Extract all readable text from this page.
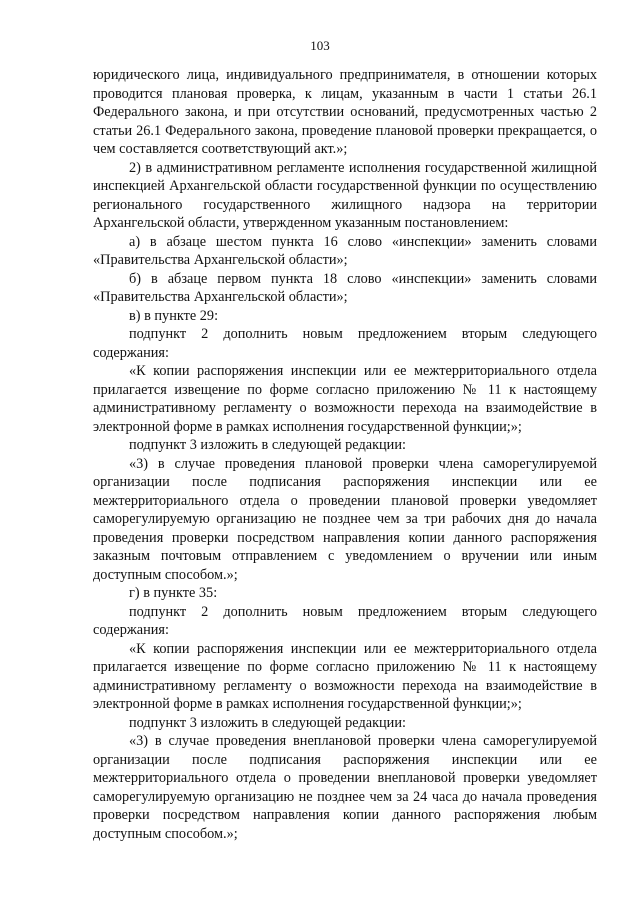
103

юридического лица, индивидуального предпринимателя, в отношении которых проводится плановая проверка, к лицам, указанным в части 1 статьи 26.1 Федерального закона, и при отсутствии оснований, предусмотренных частью 2 статьи 26.1 Федерального закона, проведение плановой проверки прекращается, о чем составляется соответствующий акт.»;

2) в административном регламенте исполнения государственной жилищной инспекцией Архангельской области государственной функции по осуществлению регионального государственного жилищного надзора на территории Архангельской области, утвержденном указанным постановлением:

а) в абзаце шестом пункта 16 слово «инспекции» заменить словами «Правительства Архангельской области»;

б) в абзаце первом пункта 18 слово «инспекции» заменить словами «Правительства Архангельской области»;

в) в пункте 29:

подпункт 2 дополнить новым предложением вторым следующего содержания:

«К копии распоряжения инспекции или ее межтерриториального отдела прилагается извещение по форме согласно приложению № 11 к настоящему административному регламенту о возможности перехода на взаимодействие в электронной форме в рамках исполнения государственной функции;»;

подпункт 3 изложить в следующей редакции:

«3) в случае проведения плановой проверки члена саморегулируемой организации после подписания распоряжения инспекции или ее межтерриториального отдела о проведении плановой проверки уведомляет саморегулируемую организацию не позднее чем за три рабочих дня до начала проведения проверки посредством направления копии данного распоряжения заказным почтовым отправлением с уведомлением о вручении или иным доступным способом.»;

г) в пункте 35:

подпункт 2 дополнить новым предложением вторым следующего содержания:

«К копии распоряжения инспекции или ее межтерриториального отдела прилагается извещение по форме согласно приложению № 11 к настоящему административному регламенту о возможности перехода на взаимодействие в электронной форме в рамках исполнения государственной функции;»;

подпункт 3 изложить в следующей редакции:

«3) в случае проведения внеплановой проверки члена саморегулируемой организации после подписания распоряжения инспекции или ее межтерриториального отдела о проведении внеплановой проверки уведомляет саморегулируемую организацию не позднее чем за 24 часа до начала проведения проверки посредством направления копии данного распоряжения любым доступным способом.»;
